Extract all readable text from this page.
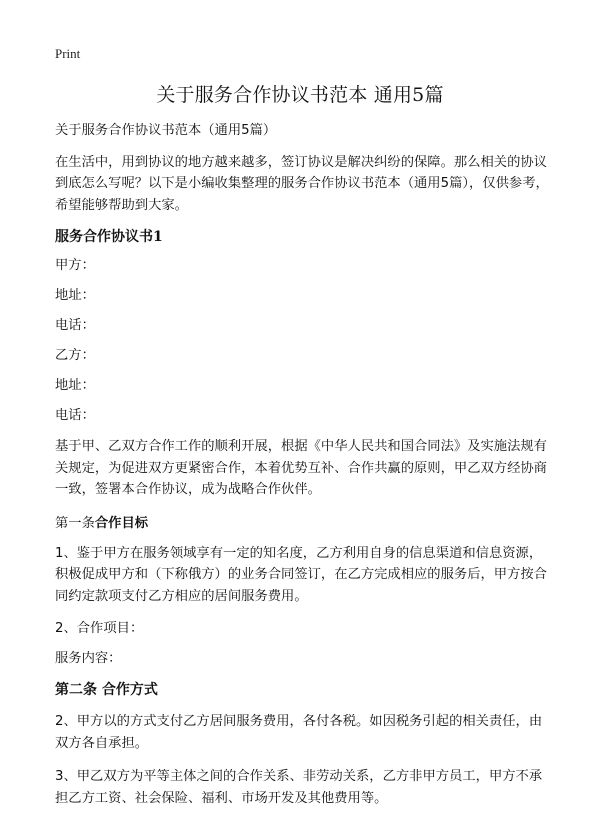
Print
关于服务合作协议书范本 通用5篇

关于服务合作协议书范本（通用5篇）

在生活中，用到协议的地方越来越多，签订协议是解决纠纷的保障。那么相关的协议到底怎么写呢？以下是小编收集整理的服务合作协议书范本（通用5篇），仅供参考，希望能够帮助到大家。

服务合作协议书1

甲方：

地址：

电话：

乙方：

地址：

电话：

基于甲、乙双方合作工作的顺利开展，根据《中华人民共和国合同法》及实施法规有关规定，为促进双方更紧密合作，本着优势互补、合作共赢的原则，甲乙双方经协商一致，签署本合作协议，成为战略合作伙伴。

第一条合作目标

1、鉴于甲方在服务领域享有一定的知名度，乙方利用自身的信息渠道和信息资源，积极促成甲方和（下称俄方）的业务合同签订，在乙方完成相应的服务后，甲方按合同约定款项支付乙方相应的居间服务费用。

2、合作项目：

服务内容：

第二条 合作方式

2、甲方以的方式支付乙方居间服务费用，各付各税。如因税务引起的相关责任，由双方各自承担。

3、甲乙双方为平等主体之间的合作关系、非劳动关系，乙方非甲方员工，甲方不承担乙方工资、社会保险、福利、市场开发及其他费用等。
